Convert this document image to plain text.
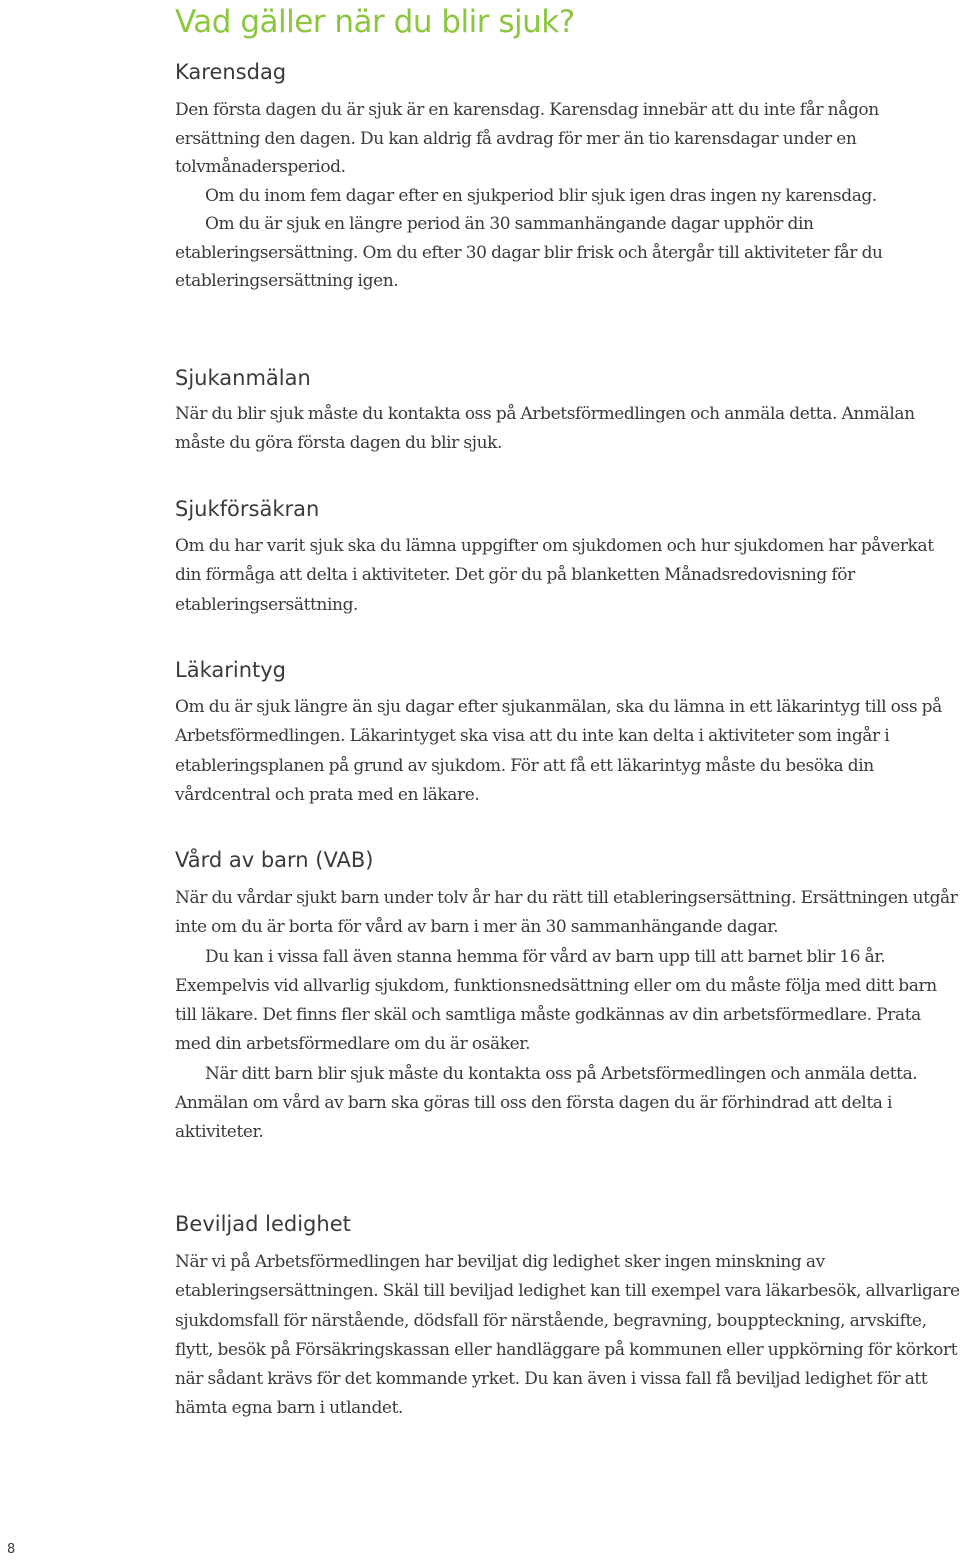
Vad gäller när du blir sjuk?
Karensdag

Den första dagen du är sjuk är en karensdag. Karensdag innebär att du inte får någon ersättning den dagen. Du kan aldrig få avdrag för mer än tio karensdagar under en tolvmånadersperiod.

Om du inom fem dagar efter en sjukperiod blir sjuk igen dras ingen ny karensdag.

Om du är sjuk en längre period än 30 sammanhängande dagar upphör din etableringsersättning. Om du efter 30 dagar blir frisk och återgår till aktiviteter får du etableringsersättning igen.

Sjukanmälan

När du blir sjuk måste du kontakta oss på Arbetsförmedlingen och anmäla detta. Anmälan måste du göra första dagen du blir sjuk.

Sjukförsäkran

Om du har varit sjuk ska du lämna uppgifter om sjukdomen och hur sjukdomen har påverkat din förmåga att delta i aktiviteter. Det gör du på blanketten Månadsredovisning för etableringsersättning.

Läkarintyg

Om du är sjuk längre än sju dagar efter sjukanmälan, ska du lämna in ett läkarintyg till oss på Arbetsförmedlingen. Läkarintyget ska visa att du inte kan delta i aktiviteter som ingår i etableringsplanen på grund av sjukdom. För att få ett läkarintyg måste du besöka din vårdcentral och prata med en läkare.

Vård av barn (VAB)

När du vårdar sjukt barn under tolv år har du rätt till etableringsersättning. Ersättningen utgår inte om du är borta för vård av barn i mer än 30 sammanhängande dagar.

Du kan i vissa fall även stanna hemma för vård av barn upp till att barnet blir 16 år. Exempelvis vid allvarlig sjukdom, funktionsnedsättning eller om du måste följa med ditt barn till läkare. Det finns fler skäl och samtliga måste godkännas av din arbetsförmedlare. Prata med din arbetsförmedlare om du är osäker.

När ditt barn blir sjuk måste du kontakta oss på Arbetsförmedlingen och anmäla detta. Anmälan om vård av barn ska göras till oss den första dagen du är förhindrad att delta i aktiviteter.

Beviljad ledighet

När vi på Arbetsförmedlingen har beviljat dig ledighet sker ingen minskning av etableringsersättningen. Skäl till beviljad ledighet kan till exempel vara läkarbesök, allvarligare sjukdomsfall för närstående, dödsfall för närstående, begravning, bouppteckning, arvskifte, flytt, besök på Försäkringskassan eller handläggare på kommunen eller uppkörning för körkort när sådant krävs för det kommande yrket. Du kan även i vissa fall få beviljad ledighet för att hämta egna barn i utlandet.

8
